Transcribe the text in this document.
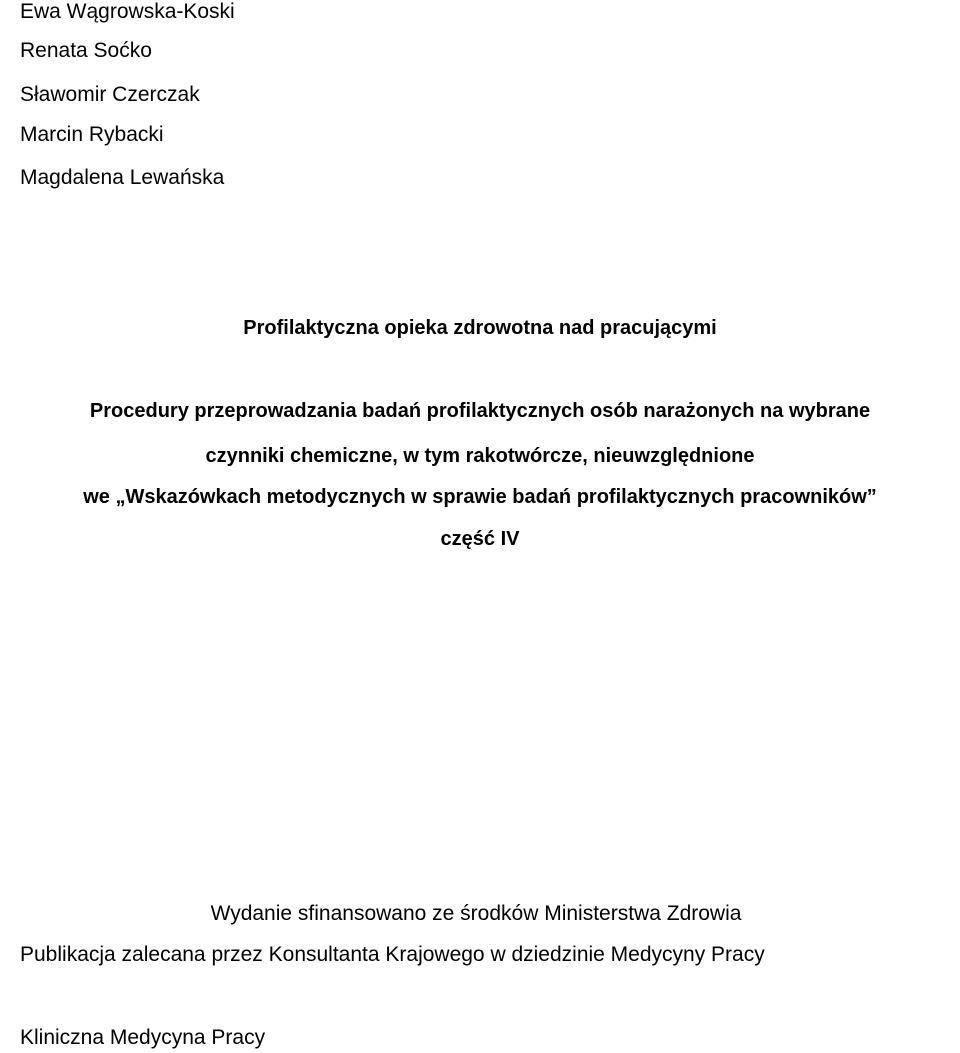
Ewa Wągrowska-Koski
Renata Soćko
Sławomir Czerczak
Marcin Rybacki
Magdalena Lewańska
Profilaktyczna opieka zdrowotna nad pracującymi
Procedury przeprowadzania badań profilaktycznych osób narażonych na wybrane
czynniki chemiczne, w tym rakotwórcze, nieuwzględnione
we „Wskazówkach metodycznych w sprawie badań profilaktycznych pracowników”
część IV
Wydanie sfinansowano ze środków Ministerstwa Zdrowia
Publikacja zalecana przez Konsultanta Krajowego w dziedzinie Medycyny Pracy
Kliniczna Medycyna Pracy
